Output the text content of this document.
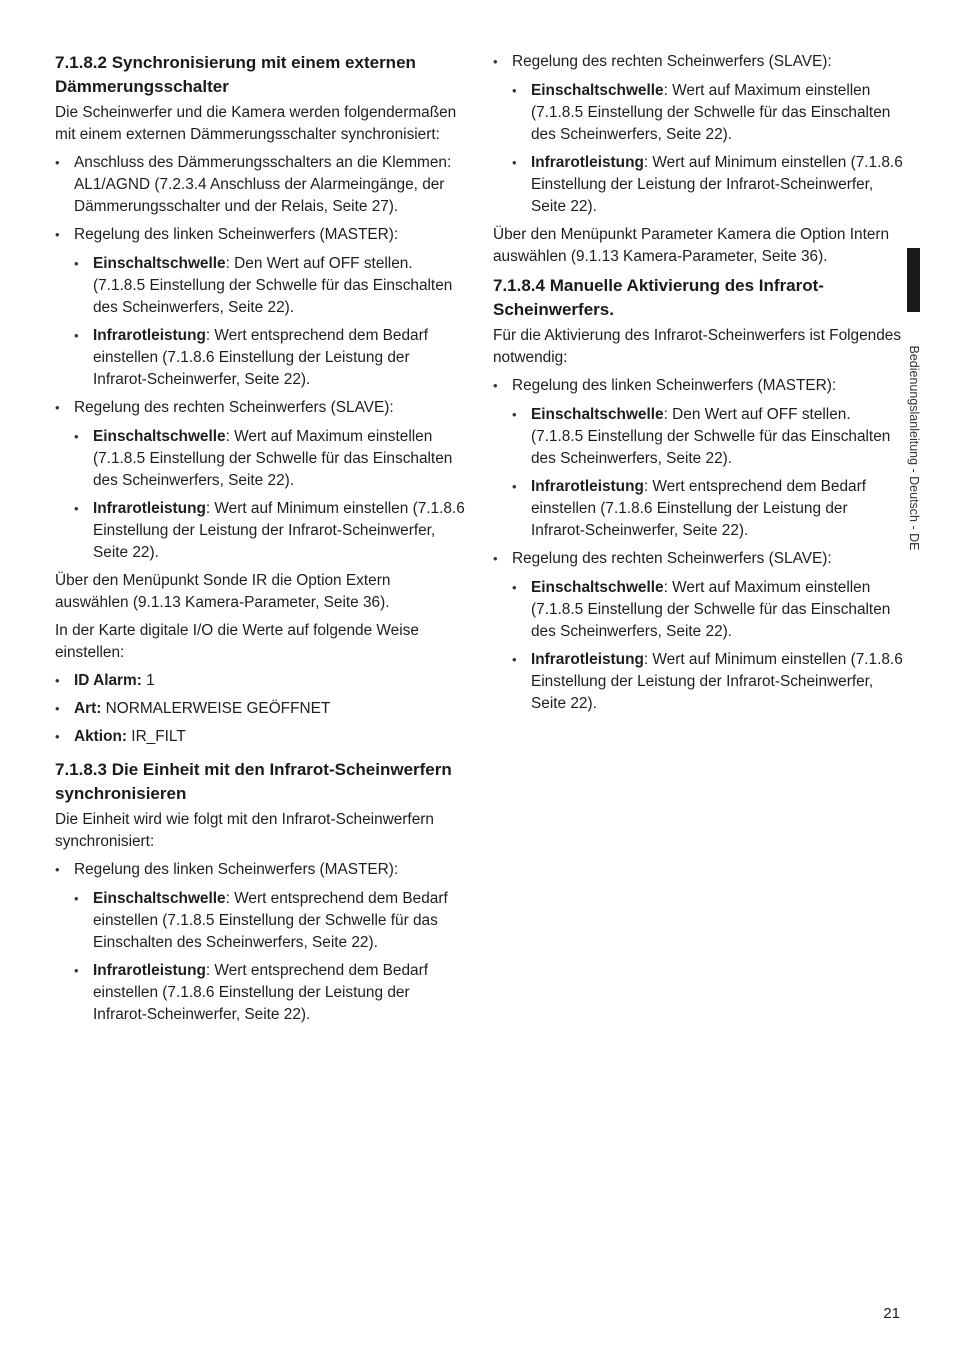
7.1.8.2 Synchronisierung mit einem externen Dämmerungsschalter

Die Scheinwerfer und die Kamera werden folgendermaßen mit einem externen Dämmerungsschalter synchronisiert:

• Anschluss des Dämmerungsschalters an die Klemmen: AL1/AGND (7.2.3.4 Anschluss der Alarmeingänge, der Dämmerungsschalter und der Relais, Seite 27).
• Regelung des linken Scheinwerfers (MASTER):
• Einschaltschwelle: Den Wert auf OFF stellen. (7.1.8.5 Einstellung der Schwelle für das Einschalten des Scheinwerfers, Seite 22).
• Infrarotleistung: Wert entsprechend dem Bedarf einstellen (7.1.8.6 Einstellung der Leistung der Infrarot-Scheinwerfer, Seite 22).
• Regelung des rechten Scheinwerfers (SLAVE):
• Einschaltschwelle: Wert auf Maximum einstellen (7.1.8.5 Einstellung der Schwelle für das Einschalten des Scheinwerfers, Seite 22).
• Infrarotleistung: Wert auf Minimum einstellen (7.1.8.6 Einstellung der Leistung der Infrarot-Scheinwerfer, Seite 22).

Über den Menüpunkt Sonde IR die Option Extern auswählen (9.1.13 Kamera-Parameter, Seite 36).

In der Karte digitale I/O die Werte auf folgende Weise einstellen:

• ID Alarm: 1
• Art: NORMALERWEISE GEÖFFNET
• Aktion: IR_FILT
7.1.8.3 Die Einheit mit den Infrarot-Scheinwerfern synchronisieren

Die Einheit wird wie folgt mit den Infrarot-Scheinwerfern synchronisiert:

• Regelung des linken Scheinwerfers (MASTER):
• Einschaltschwelle: Wert entsprechend dem Bedarf einstellen (7.1.8.5 Einstellung der Schwelle für das Einschalten des Scheinwerfers, Seite 22).
• Infrarotleistung: Wert entsprechend dem Bedarf einstellen (7.1.8.6 Einstellung der Leistung der Infrarot-Scheinwerfer, Seite 22).
• Regelung des rechten Scheinwerfers (SLAVE):
• Einschaltschwelle: Wert auf Maximum einstellen (7.1.8.5 Einstellung der Schwelle für das Einschalten des Scheinwerfers, Seite 22).
• Infrarotleistung: Wert auf Minimum einstellen (7.1.8.6 Einstellung der Leistung der Infrarot-Scheinwerfer, Seite 22).

Über den Menüpunkt Parameter Kamera die Option Intern auswählen (9.1.13 Kamera-Parameter, Seite 36).

7.1.8.4 Manuelle Aktivierung des Infrarot-Scheinwerfers.

Für die Aktivierung des Infrarot-Scheinwerfers ist Folgendes notwendig:

• Regelung des linken Scheinwerfers (MASTER):
• Einschaltschwelle: Den Wert auf OFF stellen. (7.1.8.5 Einstellung der Schwelle für das Einschalten des Scheinwerfers, Seite 22).
• Infrarotleistung: Wert entsprechend dem Bedarf einstellen (7.1.8.6 Einstellung der Leistung der Infrarot-Scheinwerfer, Seite 22).
• Regelung des rechten Scheinwerfers (SLAVE):
• Einschaltschwelle: Wert auf Maximum einstellen (7.1.8.5 Einstellung der Schwelle für das Einschalten des Scheinwerfers, Seite 22).
• Infrarotleistung: Wert auf Minimum einstellen (7.1.8.6 Einstellung der Leistung der Infrarot-Scheinwerfer, Seite 22).
Bedienungslanleitung - Deutsch - DE
21
